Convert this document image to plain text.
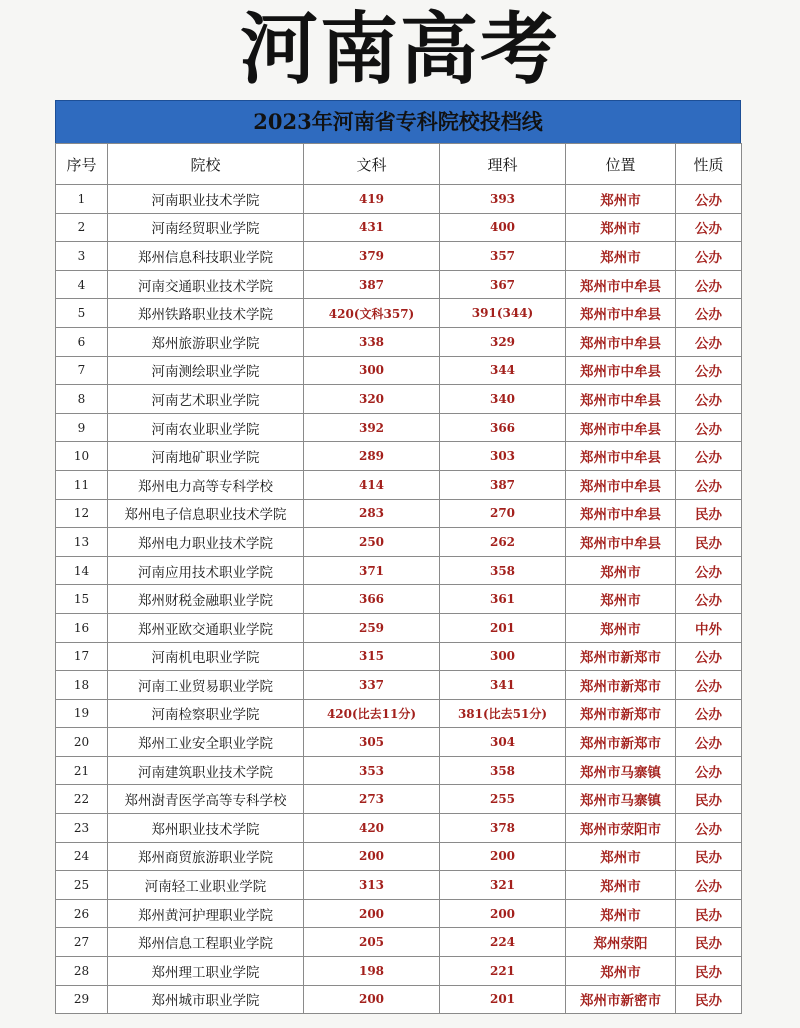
河南高考
2023年河南省专科院校投档线
序号	院校	文科	理科	位置	性质
1	河南职业技术学院	419	393	郑州市	公办
2	河南经贸职业学院	431	400	郑州市	公办
3	郑州信息科技职业学院	379	357	郑州市	公办
4	河南交通职业技术学院	387	367	郑州市中牟县	公办
5	郑州铁路职业技术学院	420(文科357)	391(344)	郑州市中牟县	公办
6	郑州旅游职业学院	338	329	郑州市中牟县	公办
7	河南测绘职业学院	300	344	郑州市中牟县	公办
8	河南艺术职业学院	320	340	郑州市中牟县	公办
9	河南农业职业学院	392	366	郑州市中牟县	公办
10	河南地矿职业学院	289	303	郑州市中牟县	公办
11	郑州电力高等专科学校	414	387	郑州市中牟县	公办
12	郑州电子信息职业技术学院	283	270	郑州市中牟县	民办
13	郑州电力职业技术学院	250	262	郑州市中牟县	民办
14	河南应用技术职业学院	371	358	郑州市	公办
15	郑州财税金融职业学院	366	361	郑州市	公办
16	郑州亚欧交通职业学院	259	201	郑州市	中外
17	河南机电职业学院	315	300	郑州市新郑市	公办
18	河南工业贸易职业学院	337	341	郑州市新郑市	公办
19	河南检察职业学院	420(比去11分)	381(比去51分)	郑州市新郑市	公办
20	郑州工业安全职业学院	305	304	郑州市新郑市	公办
21	河南建筑职业技术学院	353	358	郑州市马寨镇	公办
22	郑州澍青医学高等专科学校	273	255	郑州市马寨镇	民办
23	郑州职业技术学院	420	378	郑州市荥阳市	公办
24	郑州商贸旅游职业学院	200	200	郑州市	民办
25	河南轻工业职业学院	313	321	郑州市	公办
26	郑州黄河护理职业学院	200	200	郑州市	民办
27	郑州信息工程职业学院	205	224	郑州荥阳	民办
28	郑州理工职业学院	198	221	郑州市	民办
29	郑州城市职业学院	200	201	郑州市新密市	民办
